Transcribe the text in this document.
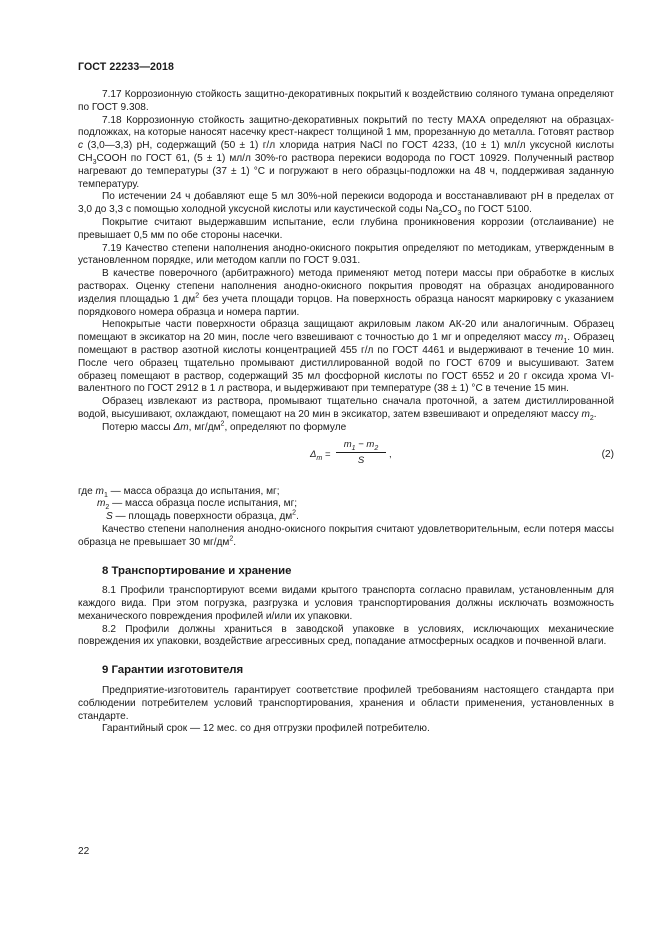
ГОСТ 22233—2018

7.17 Коррозионную стойкость защитно-декоративных покрытий к воздействию соляного тумана определяют по ГОСТ 9.308.

7.18 Коррозионную стойкость защитно-декоративных покрытий по тесту МАХА определяют на образцах-подложках, на которые наносят насечку крест-накрест толщиной 1 мм, прорезанную до металла. Готовят раствор c (3,0—3,3) рН, содержащий (50 ± 1) г/л хлорида натрия NaCl по ГОСТ 4233, (10 ± 1) мл/л уксусной кислоты $CH_3COOH$ по ГОСТ 61, (5 ± 1) мл/л 30%-го раствора перекиси водорода по ГОСТ 10929. Полученный раствор нагревают до температуры (37 ± 1) °С и погружают в него образцы-подложки на 48 ч, поддерживая заданную температуру.

По истечении 24 ч добавляют еще 5 мл 30%-ной перекиси водорода и восстанавливают рН в пределах от 3,0 до 3,3 с помощью холодной уксусной кислоты или каустической соды $Na_2CO_3$ по ГОСТ 5100.

Покрытие считают выдержавшим испытание, если глубина проникновения коррозии (отслаивание) не превышает 0,5 мм по обе стороны насечки.

7.19 Качество степени наполнения анодно-окисного покрытия определяют по методикам, утвержденным в установленном порядке, или методом капли по ГОСТ 9.031.

В качестве поверочного (арбитражного) метода применяют метод потери массы при обработке в кислых растворах. Оценку степени наполнения анодно-окисного покрытия проводят на образцах анодированного изделия площадью 1 $дм^2$ без учета площади торцов. На поверхность образца наносят маркировку с указанием порядкового номера образца и номера партии.

Непокрытые части поверхности образца защищают акриловым лаком АК-20 или аналогичным. Образец помещают в эксикатор на 20 мин, после чего взвешивают с точностью до 1 мг и определяют массу $m_1$. Образец помещают в раствор азотной кислоты концентрацией 455 г/л по ГОСТ 4461 и выдерживают в течение 10 мин. После чего образец тщательно промывают дистиллированной водой по ГОСТ 6709 и высушивают. Затем образец помещают в раствор, содержащий 35 мл фосфорной кислоты по ГОСТ 6552 и 20 г оксида хрома VI-валентного по ГОСТ 2912 в 1 л раствора, и выдерживают при температуре (38 ± 1) °С в течение 15 мин.

Образец извлекают из раствора, промывают тщательно сначала проточной, а затем дистиллированной водой, высушивают, охлаждают, помещают на 20 мин в эксикатор, затем взвешивают и определяют массу $m_2$.

Потерю массы Δm, $мг/дм^2$, определяют по формуле

$\Delta_m$ =
$m_1 - m_2$
S
,	(2)

где $m_1$ — масса образца до испытания, мг;

$m_2$ — масса образца после испытания, мг;

S — площадь поверхности образца, $дм^2$.

Качество степени наполнения анодно-окисного покрытия считают удовлетворительным, если потеря массы образца не превышает 30 $мг/дм^2$.

8 Транспортирование и хранение

8.1 Профили транспортируют всеми видами крытого транспорта согласно правилам, установленным для каждого вида. При этом погрузка, разгрузка и условия транспортирования должны исключать возможность механического повреждения профилей и/или их упаковки.

8.2 Профили должны храниться в заводской упаковке в условиях, исключающих механические повреждения их упаковки, воздействие агрессивных сред, попадание атмосферных осадков и почвенной влаги.

9 Гарантии изготовителя

Предприятие-изготовитель гарантирует соответствие профилей требованиям настоящего стандарта при соблюдении потребителем условий транспортирования, хранения и области применения, установленных в стандарте.

Гарантийный срок — 12 мес. со дня отгрузки профилей потребителю.

22
